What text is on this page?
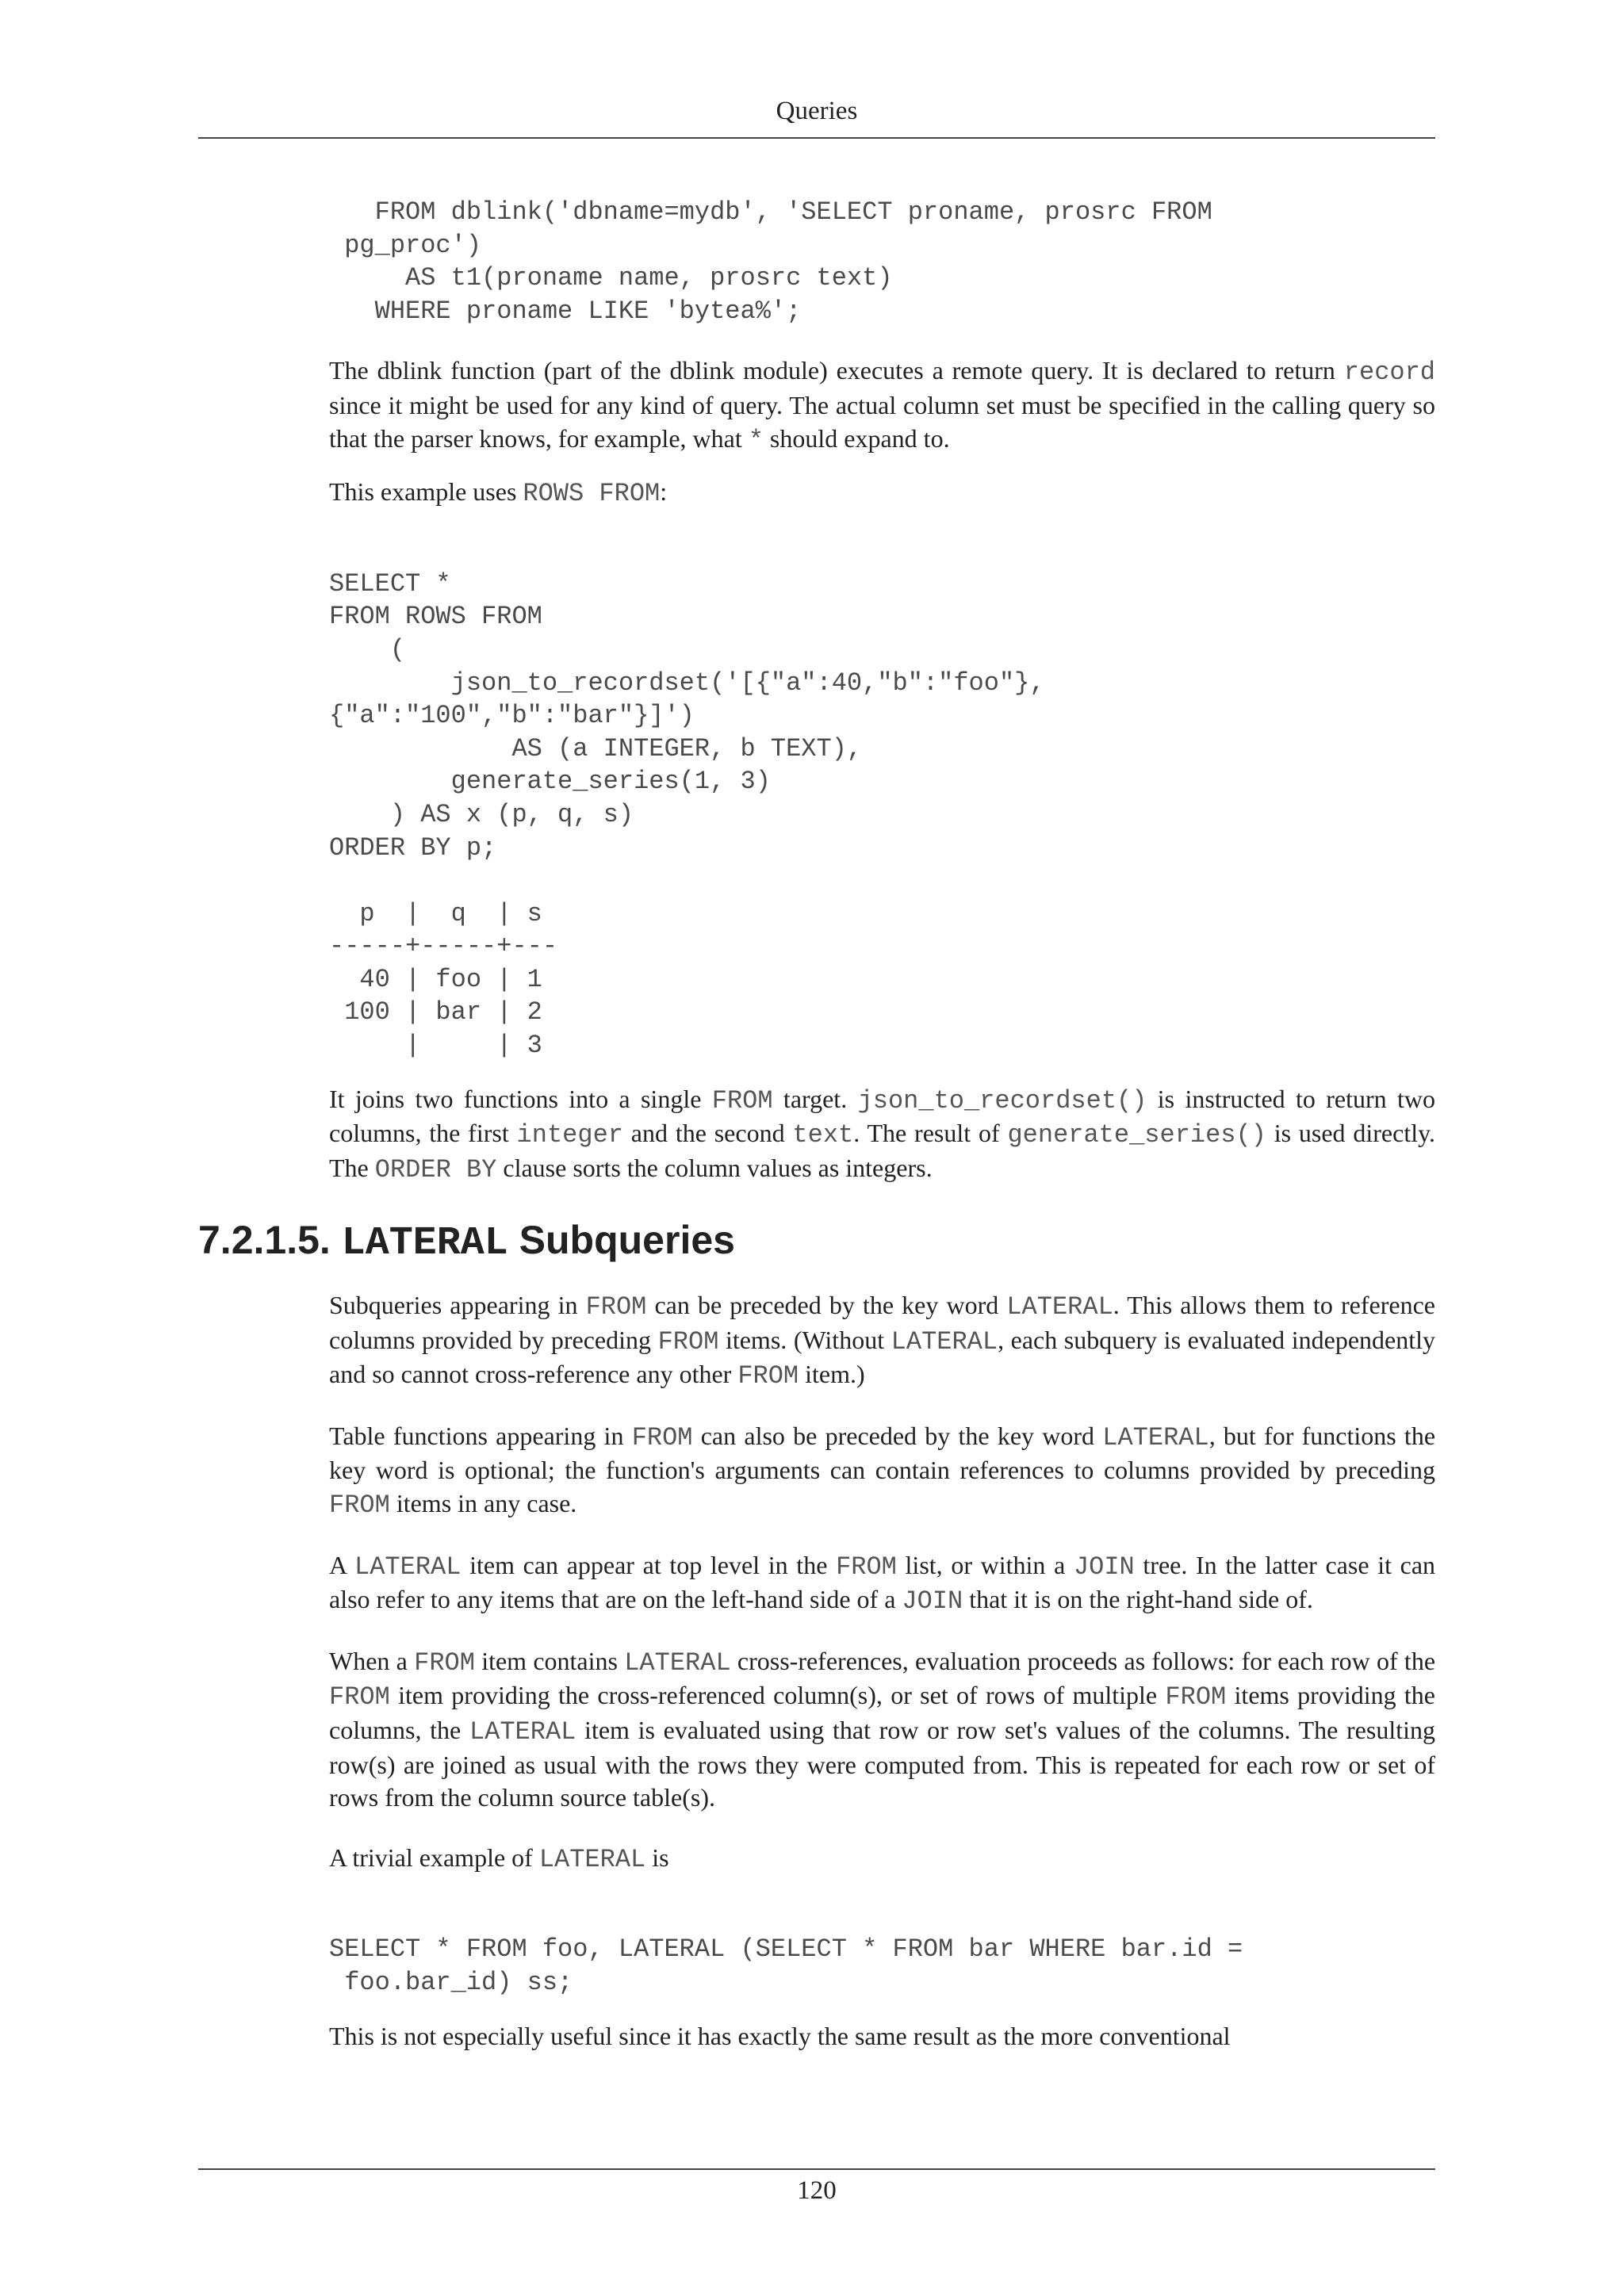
Queries
FROM dblink('dbname=mydb', 'SELECT proname, prosrc FROM
pg_proc')
AS t1(proname name, prosrc text)
WHERE proname LIKE 'bytea%';

The dblink function (part of the dblink module) executes a remote query. It is declared to return record since it might be used for any kind of query. The actual column set must be specified in the calling query so that the parser knows, for example, what * should expand to.

This example uses ROWS FROM:

SELECT *
FROM ROWS FROM
(
json_to_recordset('[{"a":40,"b":"foo"},
{"a":"100","b":"bar"}]')
AS (a INTEGER, b TEXT),
generate_series(1, 3)
) AS x (p, q, s)
ORDER BY p;

p  |  q  | s
-----+-----+---
40 | foo | 1
100 | bar | 2
|     | 3

It joins two functions into a single FROM target. json_to_recordset() is instructed to return two columns, the first integer and the second text. The result of generate_series() is used directly. The ORDER BY clause sorts the column values as integers.

7.2.1.5. LATERAL Subqueries

Subqueries appearing in FROM can be preceded by the key word LATERAL. This allows them to reference columns provided by preceding FROM items. (Without LATERAL, each subquery is evaluated independently and so cannot cross-reference any other FROM item.)

Table functions appearing in FROM can also be preceded by the key word LATERAL, but for functions the key word is optional; the function's arguments can contain references to columns provided by preceding FROM items in any case.

A LATERAL item can appear at top level in the FROM list, or within a JOIN tree. In the latter case it can also refer to any items that are on the left-hand side of a JOIN that it is on the right-hand side of.

When a FROM item contains LATERAL cross-references, evaluation proceeds as follows: for each row of the FROM item providing the cross-referenced column(s), or set of rows of multiple FROM items providing the columns, the LATERAL item is evaluated using that row or row set's values of the columns. The resulting row(s) are joined as usual with the rows they were computed from. This is repeated for each row or set of rows from the column source table(s).

A trivial example of LATERAL is

SELECT * FROM foo, LATERAL (SELECT * FROM bar WHERE bar.id =
foo.bar_id) ss;

This is not especially useful since it has exactly the same result as the more conventional

120
